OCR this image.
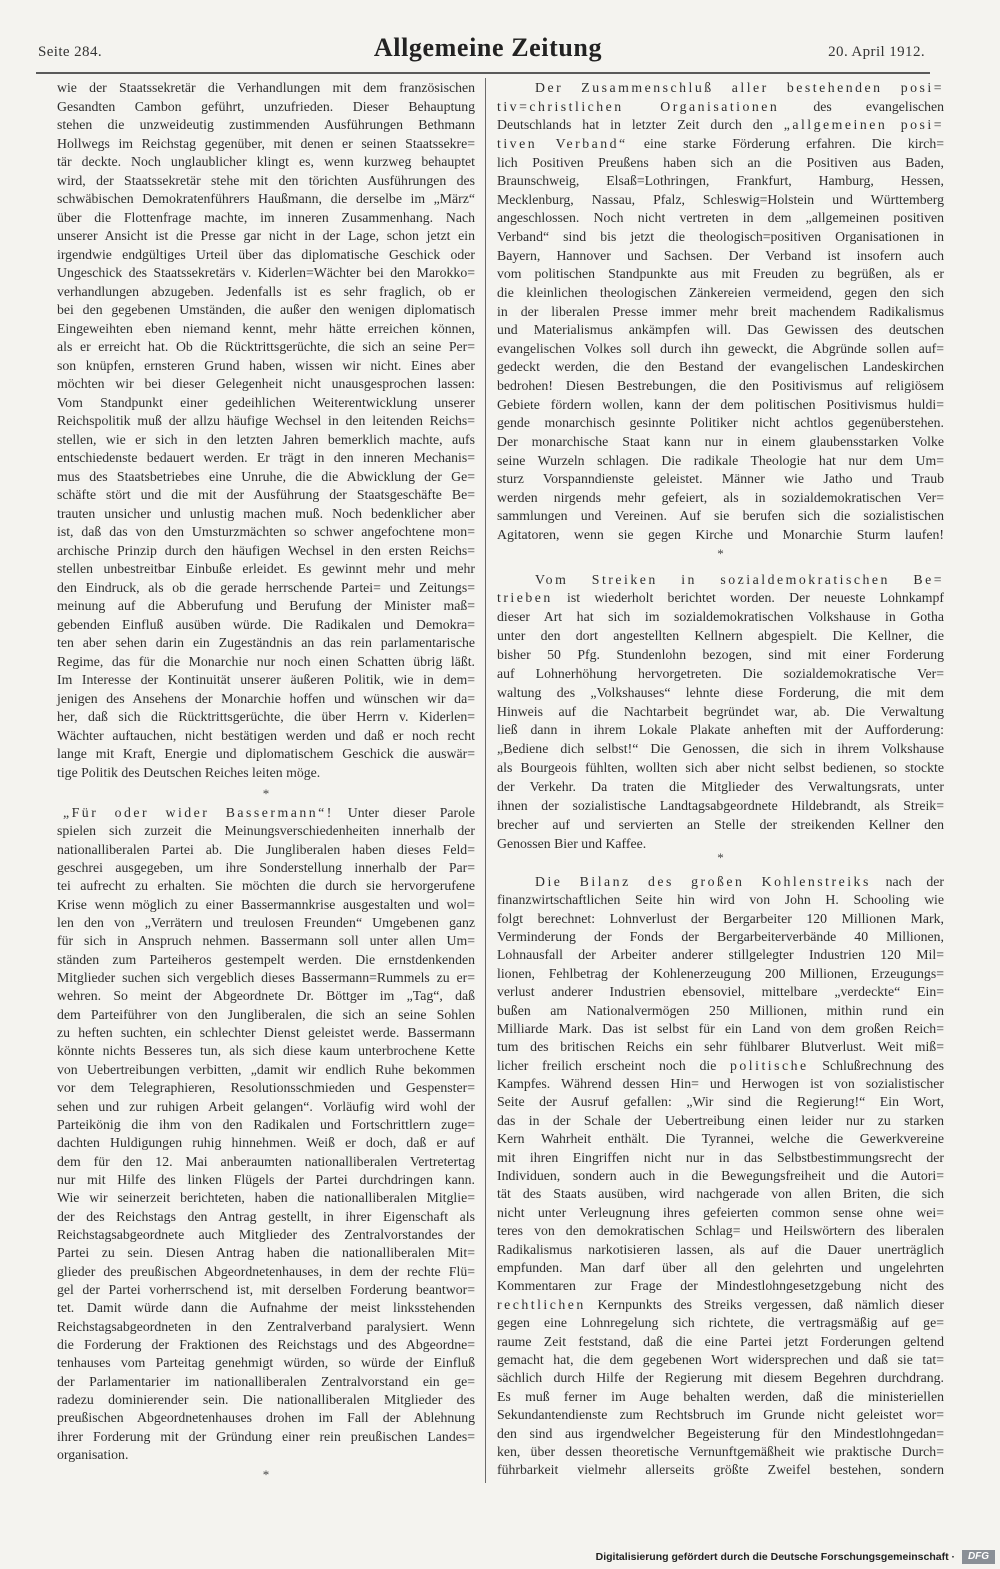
Seite 284.	Allgemeine Zeitung	20. April 1912.
wie der Staatssekretär die Verhandlungen mit dem französischen
Gesandten Cambon geführt, unzufrieden. Dieser Behauptung
stehen die unzweideutig zustimmenden Ausführungen Bethmann
Hollwegs im Reichstag gegenüber, mit denen er seinen Staatssekre=
tär deckte. Noch unglaublicher klingt es, wenn kurzweg behauptet
wird, der Staatssekretär stehe mit den törichten Ausführungen des
schwäbischen Demokratenführers Haußmann, die derselbe im „März“
über die Flottenfrage machte, im inneren Zusammenhang. Nach
unserer Ansicht ist die Presse gar nicht in der Lage, schon jetzt ein
irgendwie endgültiges Urteil über das diplomatische Geschick oder
Ungeschick des Staatssekretärs v. Kiderlen=Wächter bei den Marokko=
verhandlungen abzugeben. Jedenfalls ist es sehr fraglich, ob er
bei den gegebenen Umständen, die außer den wenigen diplomatisch
Eingeweihten eben niemand kennt, mehr hätte erreichen können,
als er erreicht hat. Ob die Rücktrittsgerüchte, die sich an seine Per=
son knüpfen, ernsteren Grund haben, wissen wir nicht. Eines aber
möchten wir bei dieser Gelegenheit nicht unausgesprochen lassen:
Vom Standpunkt einer gedeihlichen Weiterentwicklung unserer
Reichspolitik muß der allzu häufige Wechsel in den leitenden Reichs=
stellen, wie er sich in den letzten Jahren bemerklich machte, aufs
entschiedenste bedauert werden. Er trägt in den inneren Mechanis=
mus des Staatsbetriebes eine Unruhe, die die Abwicklung der Ge=
schäfte stört und die mit der Ausführung der Staatsgeschäfte Be=
trauten unsicher und unlustig machen muß. Noch bedenklicher aber
ist, daß das von den Umsturzmächten so schwer angefochtene mon=
archische Prinzip durch den häufigen Wechsel in den ersten Reichs=
stellen unbestreitbar Einbuße erleidet. Es gewinnt mehr und mehr
den Eindruck, als ob die gerade herrschende Partei= und Zeitungs=
meinung auf die Abberufung und Berufung der Minister maß=
gebenden Einfluß ausüben würde. Die Radikalen und Demokra=
ten aber sehen darin ein Zugeständnis an das rein parlamentarische
Regime, das für die Monarchie nur noch einen Schatten übrig läßt.
Im Interesse der Kontinuität unserer äußeren Politik, wie in dem=
jenigen des Ansehens der Monarchie hoffen und wünschen wir da=
her, daß sich die Rücktrittsgerüchte, die über Herrn v. Kiderlen=
Wächter auftauchen, nicht bestätigen werden und daß er noch recht
lange mit Kraft, Energie und diplomatischem Geschick die auswär=
tige Politik des Deutschen Reiches leiten möge.
*
„Für oder wider Bassermann“! Unter dieser Parole
spielen sich zurzeit die Meinungsverschiedenheiten innerhalb der
nationalliberalen Partei ab. Die Jungliberalen haben dieses Feld=
geschrei ausgegeben, um ihre Sonderstellung innerhalb der Par=
tei aufrecht zu erhalten. Sie möchten die durch sie hervorgerufene
Krise wenn möglich zu einer Bassermannkrise ausgestalten und wol=
len den von „Verrätern und treulosen Freunden“ Umgebenen ganz
für sich in Anspruch nehmen. Bassermann soll unter allen Um=
ständen zum Parteiheros gestempelt werden. Die ernstdenkenden
Mitglieder suchen sich vergeblich dieses Bassermann=Rummels zu er=
wehren. So meint der Abgeordnete Dr. Böttger im „Tag“, daß
dem Parteiführer von den Jungliberalen, die sich an seine Sohlen
zu heften suchten, ein schlechter Dienst geleistet werde. Bassermann
könnte nichts Besseres tun, als sich diese kaum unterbrochene Kette
von Uebertreibungen verbitten, „damit wir endlich Ruhe bekommen
vor dem Telegraphieren, Resolutionsschmieden und Gespenster=
sehen und zur ruhigen Arbeit gelangen“. Vorläufig wird wohl der
Parteikönig die ihm von den Radikalen und Fortschrittlern zuge=
dachten Huldigungen ruhig hinnehmen. Weiß er doch, daß er auf
dem für den 12. Mai anberaumten nationalliberalen Vertretertag
nur mit Hilfe des linken Flügels der Partei durchdringen kann.
Wie wir seinerzeit berichteten, haben die nationalliberalen Mitglie=
der des Reichstags den Antrag gestellt, in ihrer Eigenschaft als
Reichstagsabgeordnete auch Mitglieder des Zentralvorstandes der
Partei zu sein. Diesen Antrag haben die nationalliberalen Mit=
glieder des preußischen Abgeordnetenhauses, in dem der rechte Flü=
gel der Partei vorherrschend ist, mit derselben Forderung beantwor=
tet. Damit würde dann die Aufnahme der meist linksstehenden
Reichstagsabgeordneten in den Zentralverband paralysiert. Wenn
die Forderung der Fraktionen des Reichstags und des Abgeordne=
tenhauses vom Parteitag genehmigt würden, so würde der Einfluß
der Parlamentarier im nationalliberalen Zentralvorstand ein ge=
radezu dominierender sein. Die nationalliberalen Mitglieder des
preußischen Abgeordnetenhauses drohen im Fall der Ablehnung
ihrer Forderung mit der Gründung einer rein preußischen Landes=
organisation.
*
Der Zusammenschluß aller bestehenden posi=
tiv=christlichen Organisationen des evangelischen
Deutschlands hat in letzter Zeit durch den „allgemeinen posi=
tiven Verband“ eine starke Förderung erfahren. Die kirch=
lich Positiven Preußens haben sich an die Positiven aus Baden,
Braunschweig, Elsaß=Lothringen, Frankfurt, Hamburg, Hessen,
Mecklenburg, Nassau, Pfalz, Schleswig=Holstein und Württemberg
angeschlossen. Noch nicht vertreten in dem „allgemeinen positiven
Verband“ sind bis jetzt die theologisch=positiven Organisationen in
Bayern, Hannover und Sachsen. Der Verband ist insofern auch
vom politischen Standpunkte aus mit Freuden zu begrüßen, als er
die kleinlichen theologischen Zänkereien vermeidend, gegen den sich
in der liberalen Presse immer mehr breit machendem Radikalismus
und Materialismus ankämpfen will. Das Gewissen des deutschen
evangelischen Volkes soll durch ihn geweckt, die Abgründe sollen auf=
gedeckt werden, die den Bestand der evangelischen Landeskirchen
bedrohen! Diesen Bestrebungen, die den Positivismus auf religiösem
Gebiete fördern wollen, kann der dem politischen Positivismus huldi=
gende monarchisch gesinnte Politiker nicht achtlos gegenüberstehen.
Der monarchische Staat kann nur in einem glaubensstarken Volke
seine Wurzeln schlagen. Die radikale Theologie hat nur dem Um=
sturz Vorspanndienste geleistet. Männer wie Jatho und Traub
werden nirgends mehr gefeiert, als in sozialdemokratischen Ver=
sammlungen und Vereinen. Auf sie berufen sich die sozialistischen
Agitatoren, wenn sie gegen Kirche und Monarchie Sturm laufen!
*
Vom Streiken in sozialdemokratischen Be=
trieben ist wiederholt berichtet worden. Der neueste Lohnkampf
dieser Art hat sich im sozialdemokratischen Volkshause in Gotha
unter den dort angestellten Kellnern abgespielt. Die Kellner, die
bisher 50 Pfg. Stundenlohn bezogen, sind mit einer Forderung
auf Lohnerhöhung hervorgetreten. Die sozialdemokratische Ver=
waltung des „Volkshauses“ lehnte diese Forderung, die mit dem
Hinweis auf die Nachtarbeit begründet war, ab. Die Verwaltung
ließ dann in ihrem Lokale Plakate anheften mit der Aufforderung:
„Bediene dich selbst!“ Die Genossen, die sich in ihrem Volkshause
als Bourgeois fühlten, wollten sich aber nicht selbst bedienen, so stockte
der Verkehr. Da traten die Mitglieder des Verwaltungsrats, unter
ihnen der sozialistische Landtagsabgeordnete Hildebrandt, als Streik=
brecher auf und servierten an Stelle der streikenden Kellner den
Genossen Bier und Kaffee.
*
Die Bilanz des großen Kohlenstreiks nach der
finanzwirtschaftlichen Seite hin wird von John H. Schooling wie
folgt berechnet: Lohnverlust der Bergarbeiter 120 Millionen Mark,
Verminderung der Fonds der Bergarbeiterverbände 40 Millionen,
Lohnausfall der Arbeiter anderer stillgelegter Industrien 120 Mil=
lionen, Fehlbetrag der Kohlenerzeugung 200 Millionen, Erzeugungs=
verlust anderer Industrien ebensoviel, mittelbare „verdeckte“ Ein=
bußen am Nationalvermögen 250 Millionen, mithin rund ein
Milliarde Mark. Das ist selbst für ein Land von dem großen Reich=
tum des britischen Reichs ein sehr fühlbarer Blutverlust. Weit miß=
licher freilich erscheint noch die politische Schlußrechnung des
Kampfes. Während dessen Hin= und Herwogen ist von sozialistischer
Seite der Ausruf gefallen: „Wir sind die Regierung!“ Ein Wort,
das in der Schale der Uebertreibung einen leider nur zu starken
Kern Wahrheit enthält. Die Tyrannei, welche die Gewerkvereine
mit ihren Eingriffen nicht nur in das Selbstbestimmungsrecht der
Individuen, sondern auch in die Bewegungsfreiheit und die Autori=
tät des Staats ausüben, wird nachgerade von allen Briten, die sich
nicht unter Verleugnung ihres gefeierten common sense ohne wei=
teres von den demokratischen Schlag= und Heilswörtern des liberalen
Radikalismus narkotisieren lassen, als auf die Dauer unerträglich
empfunden. Man darf über all den gelehrten und ungelehrten
Kommentaren zur Frage der Mindestlohngesetzgebung nicht des
rechtlichen Kernpunkts des Streiks vergessen, daß nämlich dieser
gegen eine Lohnregelung sich richtete, die vertragsmäßig auf ge=
raume Zeit feststand, daß die eine Partei jetzt Forderungen geltend
gemacht hat, die dem gegebenen Wort widersprechen und daß sie tat=
sächlich durch Hilfe der Regierung mit diesem Begehren durchdrang.
Es muß ferner im Auge behalten werden, daß die ministeriellen
Sekundantendienste zum Rechtsbruch im Grunde nicht geleistet wor=
den sind aus irgendwelcher Begeisterung für den Mindestlohngedan=
ken, über dessen theoretische Vernunftgemäßheit wie praktische Durch=
führbarkeit vielmehr allerseits größte Zweifel bestehen, sondern
Digitalisierung gefördert durch die Deutsche Forschungsgemeinschaft ·	DFG
